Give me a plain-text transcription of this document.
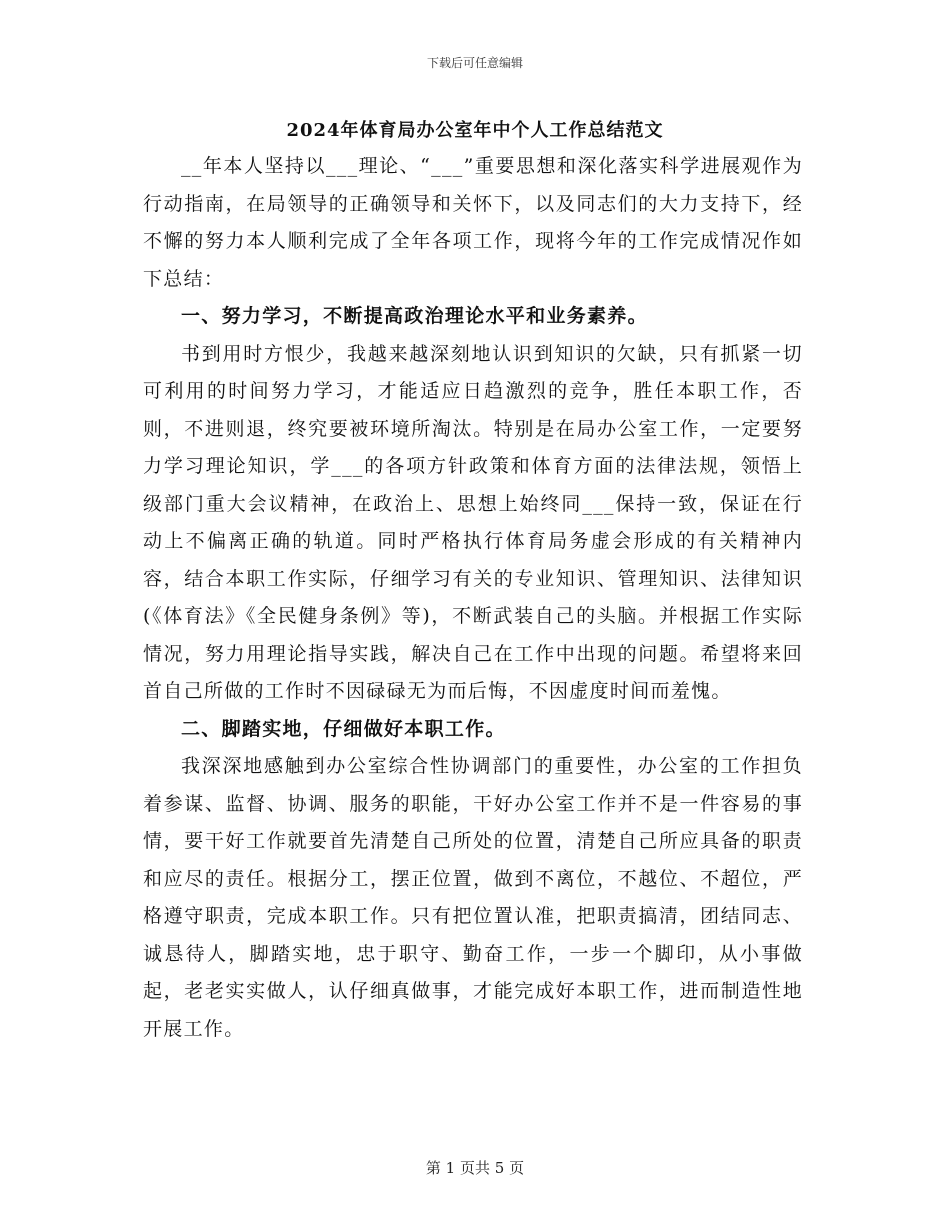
下载后可任意编辑
2024年体育局办公室年中个人工作总结范文

__年本人坚持以___理论、“___”重要思想和深化落实科学进展观作为行动指南，在局领导的正确领导和关怀下，以及同志们的大力支持下，经不懈的努力本人顺利完成了全年各项工作，现将今年的工作完成情况作如下总结：

一、努力学习，不断提高政治理论水平和业务素养。

书到用时方恨少，我越来越深刻地认识到知识的欠缺，只有抓紧一切可利用的时间努力学习，才能适应日趋激烈的竞争，胜任本职工作，否则，不进则退，终究要被环境所淘汰。特别是在局办公室工作，一定要努力学习理论知识，学___的各项方针政策和体育方面的法律法规，领悟上级部门重大会议精神，在政治上、思想上始终同___保持一致，保证在行动上不偏离正确的轨道。同时严格执行体育局务虚会形成的有关精神内容，结合本职工作实际，仔细学习有关的专业知识、管理知识、法律知识(《体育法》《全民健身条例》等)，不断武装自己的头脑。并根据工作实际情况，努力用理论指导实践，解决自己在工作中出现的问题。希望将来回首自己所做的工作时不因碌碌无为而后悔，不因虚度时间而羞愧。

二、脚踏实地，仔细做好本职工作。

我深深地感触到办公室综合性协调部门的重要性，办公室的工作担负着参谋、监督、协调、服务的职能，干好办公室工作并不是一件容易的事情，要干好工作就要首先清楚自己所处的位置，清楚自己所应具备的职责和应尽的责任。根据分工，摆正位置，做到不离位，不越位、不超位，严格遵守职责，完成本职工作。只有把位置认准，把职责搞清，团结同志、诚恳待人，脚踏实地，忠于职守、勤奋工作，一步一个脚印，从小事做起，老老实实做人，认仔细真做事，才能完成好本职工作，进而制造性地开展工作。

第 1 页共 5 页
